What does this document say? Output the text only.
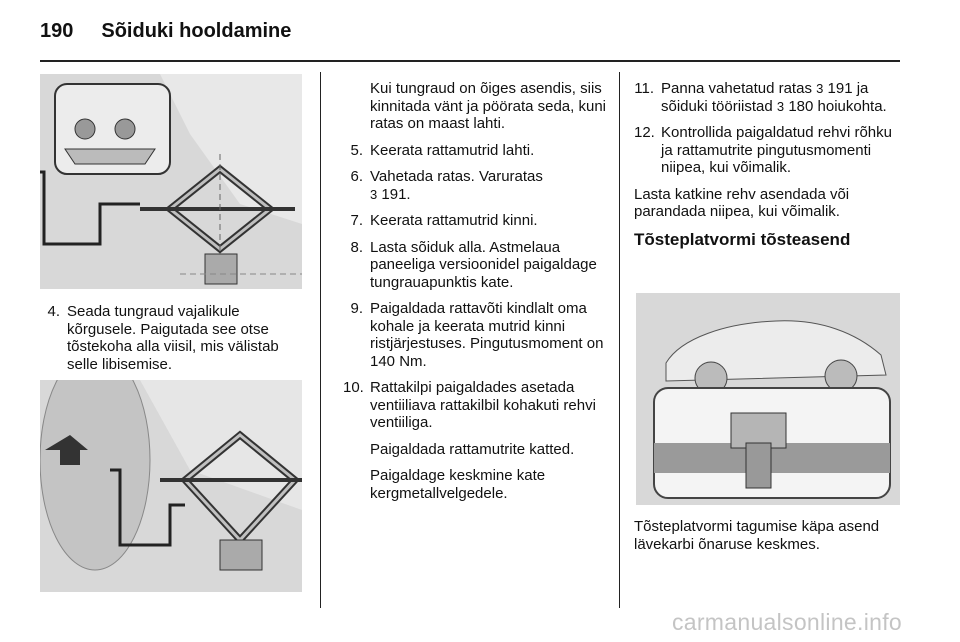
190 Sõiduki hooldamine
4. Seada tungraud vajalikule kõrgusele. Paigutada see otse tõstekoha alla viisil, mis välistab selle libisemise.
Kui tungraud on õiges asendis, siis kinnitada vänt ja pöörata seda, kuni ratas on maast lahti.
5. Keerata rattamutrid lahti.
6. Vahetada ratas. Varuratas
3 191.
7. Keerata rattamutrid kinni.
8. Lasta sõiduk alla. Astmelaua paneeliga versioonidel paigaldage tungrauapunktis kate.
9. Paigaldada rattavõti kindlalt oma kohale ja keerata mutrid kinni ristjärjestuses. Pingutusmoment on 140 Nm.
10. Rattakilpi paigaldades asetada ventiiliava rattakilbil kohakuti rehvi ventiiliga.
Paigaldada rattamutrite katted.
Paigaldage keskmine kate kergmetallvelgedele.
11. Panna vahetatud ratas 3 191 ja sõiduki tööriistad 3 180 hoiukohta.
12. Kontrollida paigaldatud rehvi rõhku ja rattamutrite pingutusmomenti niipea, kui võimalik.
Lasta katkine rehv asendada või parandada niipea, kui võimalik.
Tõsteplatvormi tõsteasend
Tõsteplatvormi tagumise käpa asend lävekarbi õnaruse keskmes.
carmanualsonline.info
